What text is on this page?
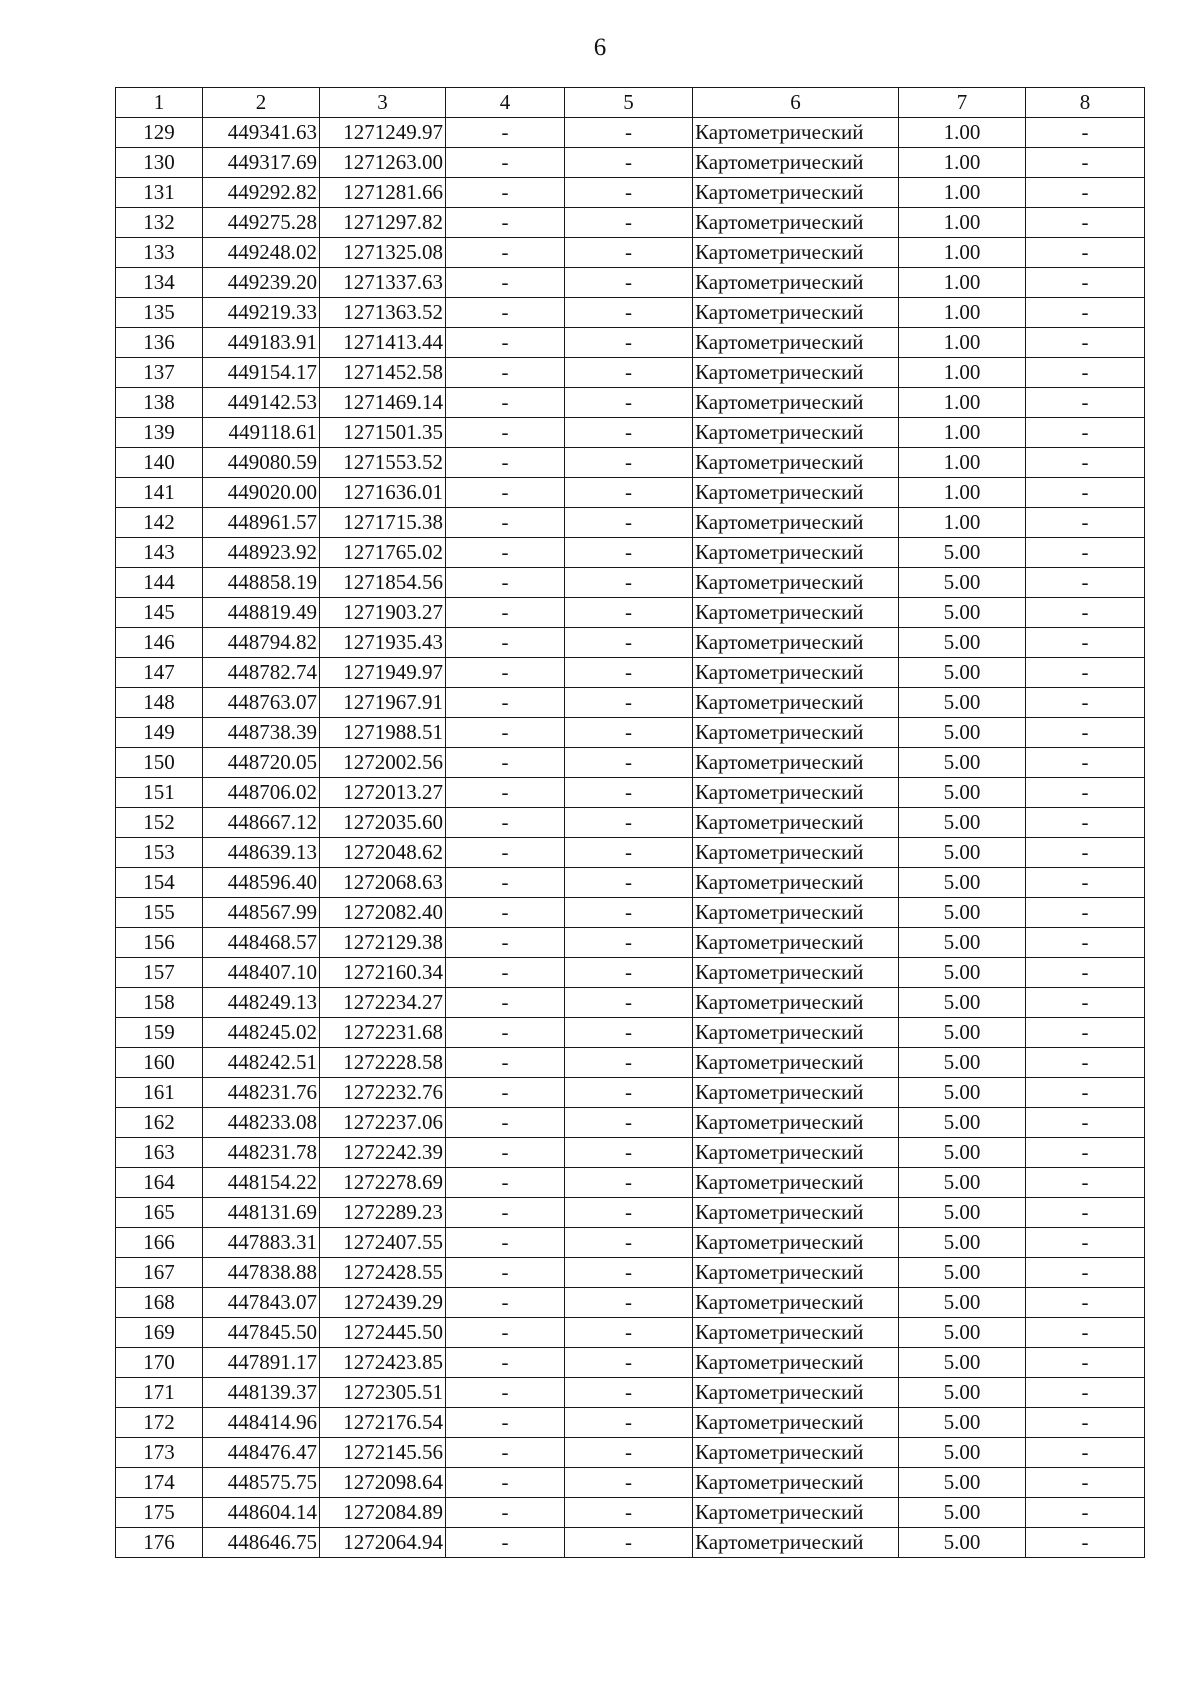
6
1	2	3	4	5	6	7	8
129	449341.63	1271249.97	-	-	Картометрический	1.00	-
130	449317.69	1271263.00	-	-	Картометрический	1.00	-
131	449292.82	1271281.66	-	-	Картометрический	1.00	-
132	449275.28	1271297.82	-	-	Картометрический	1.00	-
133	449248.02	1271325.08	-	-	Картометрический	1.00	-
134	449239.20	1271337.63	-	-	Картометрический	1.00	-
135	449219.33	1271363.52	-	-	Картометрический	1.00	-
136	449183.91	1271413.44	-	-	Картометрический	1.00	-
137	449154.17	1271452.58	-	-	Картометрический	1.00	-
138	449142.53	1271469.14	-	-	Картометрический	1.00	-
139	449118.61	1271501.35	-	-	Картометрический	1.00	-
140	449080.59	1271553.52	-	-	Картометрический	1.00	-
141	449020.00	1271636.01	-	-	Картометрический	1.00	-
142	448961.57	1271715.38	-	-	Картометрический	1.00	-
143	448923.92	1271765.02	-	-	Картометрический	5.00	-
144	448858.19	1271854.56	-	-	Картометрический	5.00	-
145	448819.49	1271903.27	-	-	Картометрический	5.00	-
146	448794.82	1271935.43	-	-	Картометрический	5.00	-
147	448782.74	1271949.97	-	-	Картометрический	5.00	-
148	448763.07	1271967.91	-	-	Картометрический	5.00	-
149	448738.39	1271988.51	-	-	Картометрический	5.00	-
150	448720.05	1272002.56	-	-	Картометрический	5.00	-
151	448706.02	1272013.27	-	-	Картометрический	5.00	-
152	448667.12	1272035.60	-	-	Картометрический	5.00	-
153	448639.13	1272048.62	-	-	Картометрический	5.00	-
154	448596.40	1272068.63	-	-	Картометрический	5.00	-
155	448567.99	1272082.40	-	-	Картометрический	5.00	-
156	448468.57	1272129.38	-	-	Картометрический	5.00	-
157	448407.10	1272160.34	-	-	Картометрический	5.00	-
158	448249.13	1272234.27	-	-	Картометрический	5.00	-
159	448245.02	1272231.68	-	-	Картометрический	5.00	-
160	448242.51	1272228.58	-	-	Картометрический	5.00	-
161	448231.76	1272232.76	-	-	Картометрический	5.00	-
162	448233.08	1272237.06	-	-	Картометрический	5.00	-
163	448231.78	1272242.39	-	-	Картометрический	5.00	-
164	448154.22	1272278.69	-	-	Картометрический	5.00	-
165	448131.69	1272289.23	-	-	Картометрический	5.00	-
166	447883.31	1272407.55	-	-	Картометрический	5.00	-
167	447838.88	1272428.55	-	-	Картометрический	5.00	-
168	447843.07	1272439.29	-	-	Картометрический	5.00	-
169	447845.50	1272445.50	-	-	Картометрический	5.00	-
170	447891.17	1272423.85	-	-	Картометрический	5.00	-
171	448139.37	1272305.51	-	-	Картометрический	5.00	-
172	448414.96	1272176.54	-	-	Картометрический	5.00	-
173	448476.47	1272145.56	-	-	Картометрический	5.00	-
174	448575.75	1272098.64	-	-	Картометрический	5.00	-
175	448604.14	1272084.89	-	-	Картометрический	5.00	-
176	448646.75	1272064.94	-	-	Картометрический	5.00	-
